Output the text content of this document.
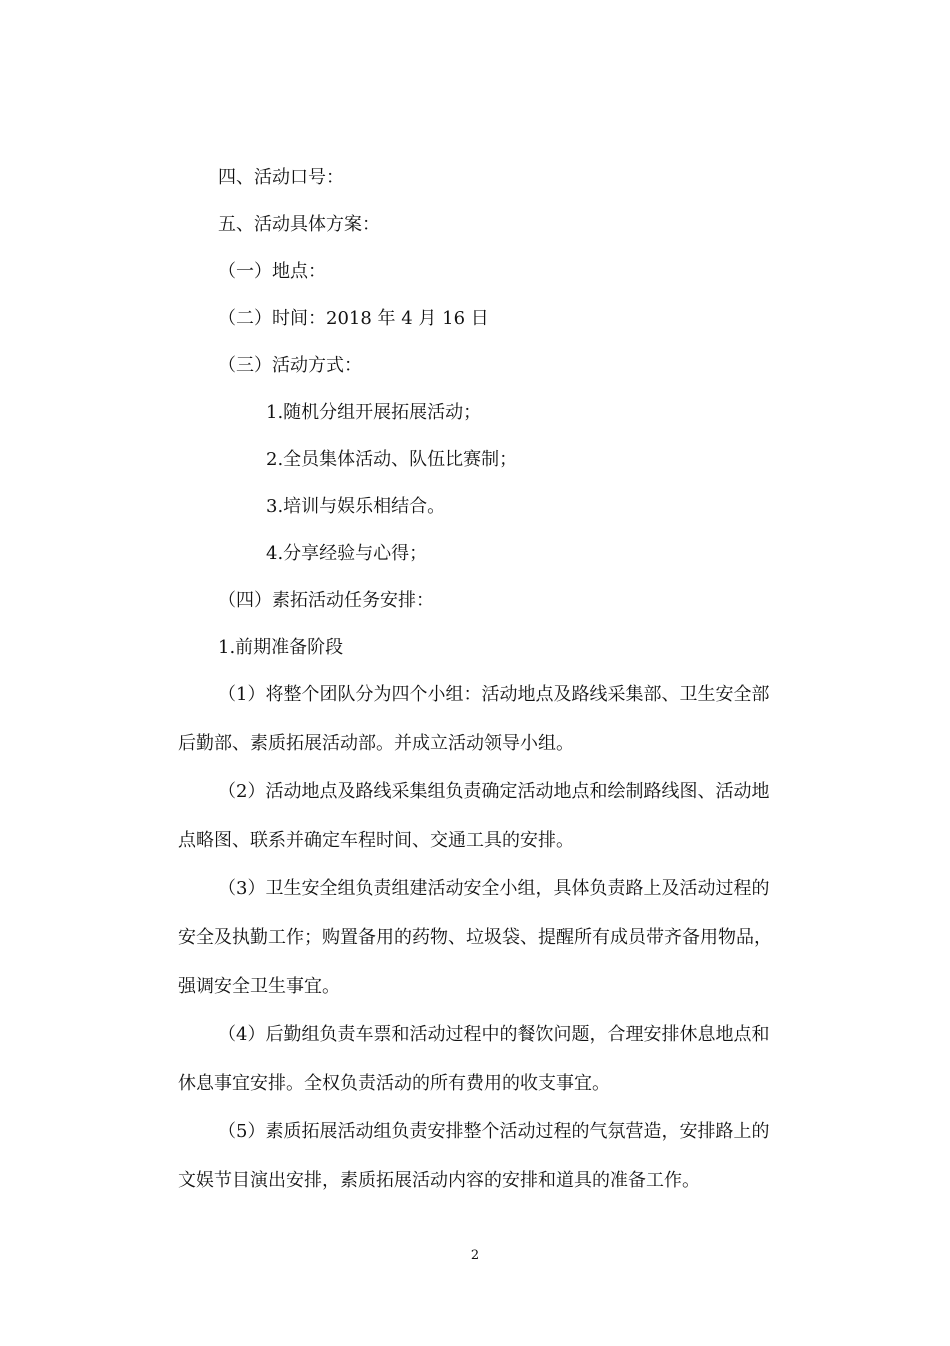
四、活动口号：

五、活动具体方案：

（一）地点：

（二）时间：2018 年 4 月 16 日

（三）活动方式：

1.随机分组开展拓展活动；

2.全员集体活动、队伍比赛制；

3.培训与娱乐相结合。

4.分享经验与心得；

（四）素拓活动任务安排：

1.前期准备阶段

（1）将整个团队分为四个小组：活动地点及路线采集部、卫生安全部

后勤部、素质拓展活动部。并成立活动领导小组。

（2）活动地点及路线采集组负责确定活动地点和绘制路线图、活动地

点略图、联系并确定车程时间、交通工具的安排。

（3）卫生安全组负责组建活动安全小组，具体负责路上及活动过程的

安全及执勤工作；购置备用的药物、垃圾袋、提醒所有成员带齐备用物品，

强调安全卫生事宜。

（4）后勤组负责车票和活动过程中的餐饮问题，合理安排休息地点和

休息事宜安排。全权负责活动的所有费用的收支事宜。

（5）素质拓展活动组负责安排整个活动过程的气氛营造，安排路上的

文娱节目演出安排，素质拓展活动内容的安排和道具的准备工作。

2
